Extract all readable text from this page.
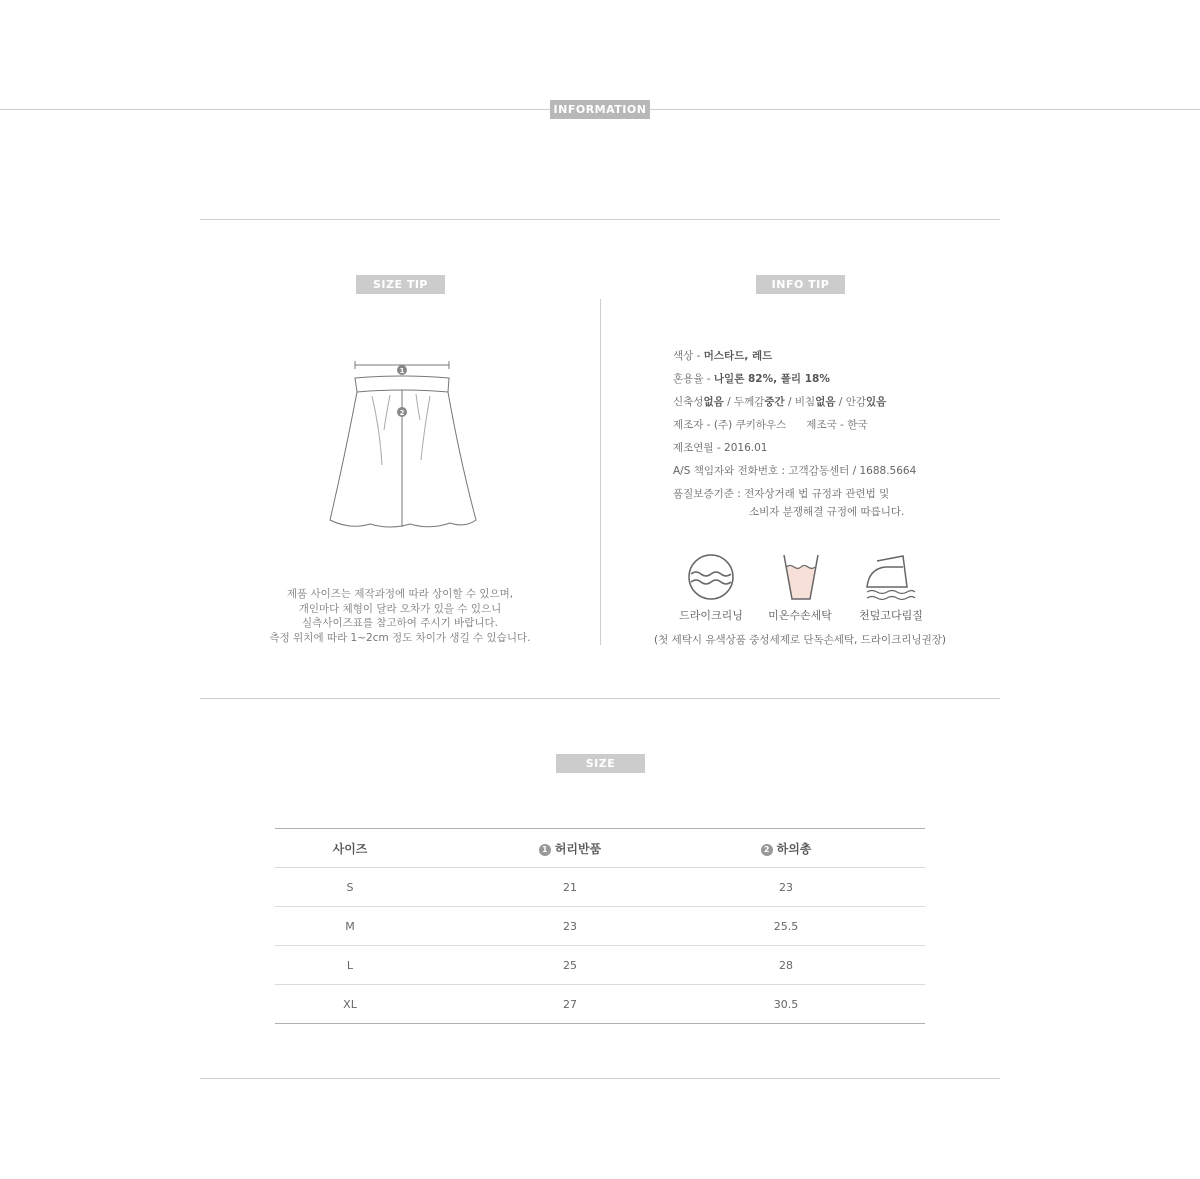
INFORMATION
SIZE TIP
1
2
제품 사이즈는 제작과정에 따라 상이할 수 있으며,
개인마다 체형이 달라 오차가 있을 수 있으니
실측사이즈표를 참고하여 주시기 바랍니다.
측정 위치에 따라 1~2cm 정도 차이가 생길 수 있습니다.
INFO TIP
색상 - 머스타드, 레드
혼용율 - 나일론 82%, 폴리 18%
신축성없음 / 두께감중간 / 비침없음 / 안감있음
제조자 - (주) 쿠키하우스 제조국 - 한국
제조연월 - 2016.01
A/S 책임자와 전화번호 : 고객감동센터 / 1688.5664
품질보증기준 : 전자상거래 법 규정과 관련법 및
소비자 분쟁해결 규정에 따릅니다.
드라이크리닝	미온수손세탁	천덮고다림질
(첫 세탁시 유색상품 중성세제로 단독손세탁, 드라이크리닝권장)
SIZE
사이즈	1 허리반품	2 하의총	
S	21	23	
M	23	25.5	
L	25	28	
XL	27	30.5	
